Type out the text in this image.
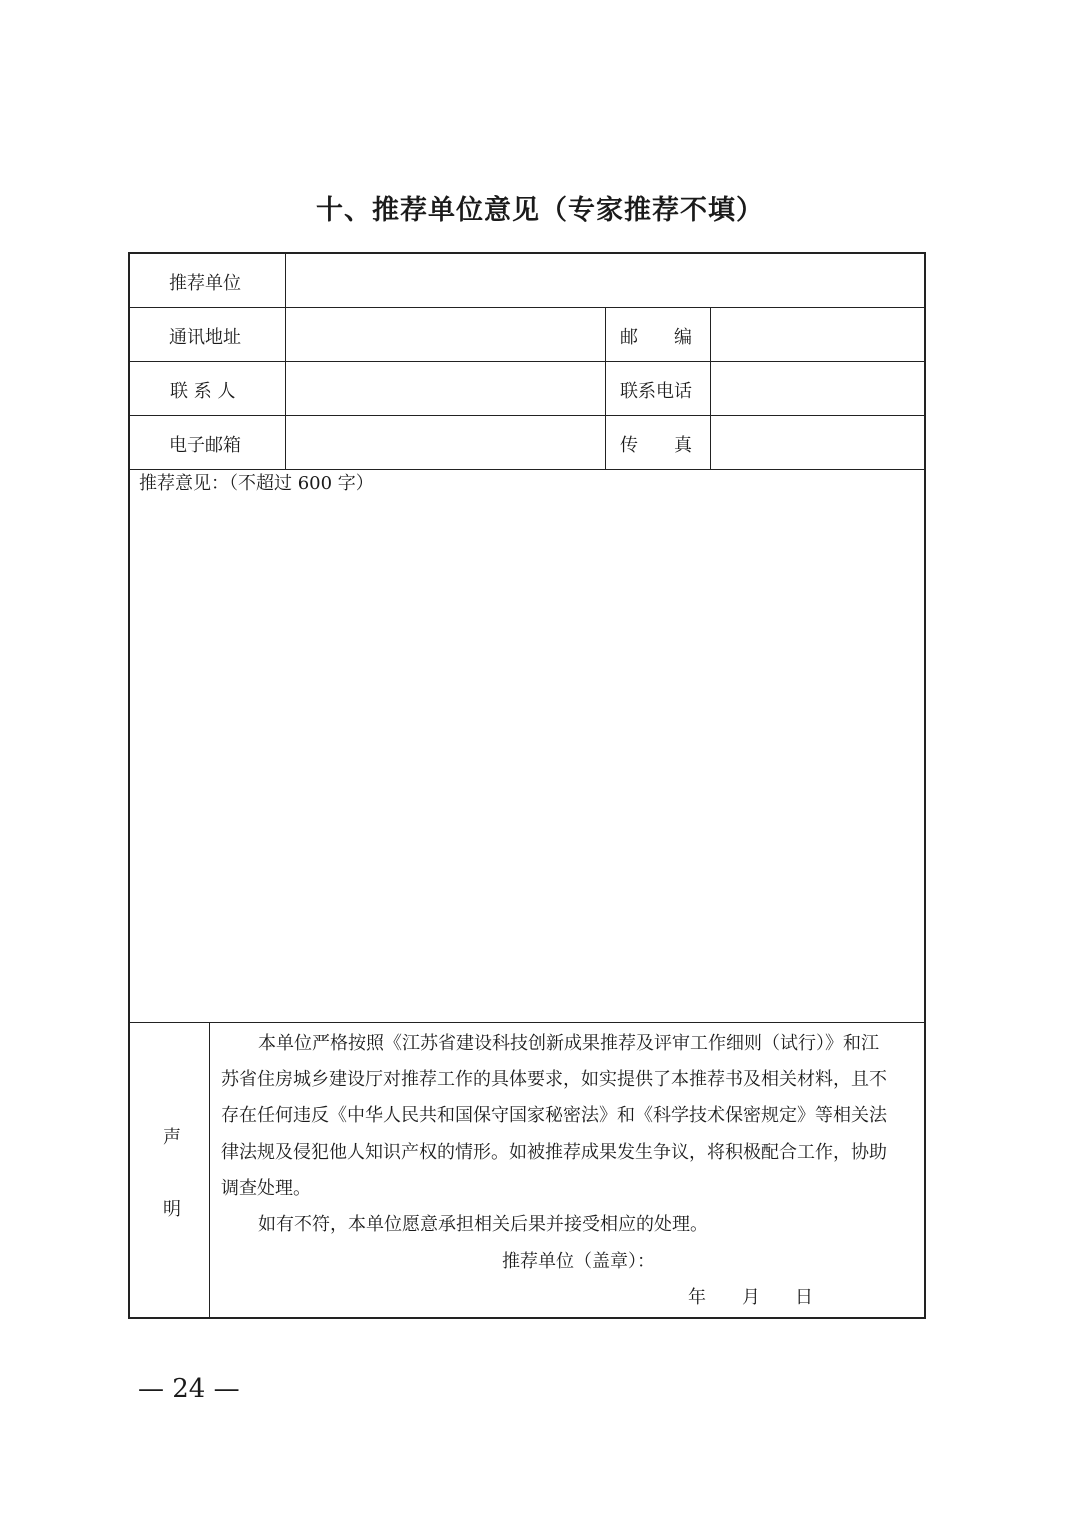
十、推荐单位意见（专家推荐不填）
推荐单位
通讯地址	邮　　编
联 系 人	联系电话
电子邮箱	传　　真
推荐意见：（不超过 600 字）
声
明
本单位严格按照《江苏省建设科技创新成果推荐及评审工作细则（试行）》和江
苏省住房城乡建设厅对推荐工作的具体要求，如实提供了本推荐书及相关材料，且不
存在任何违反《中华人民共和国保守国家秘密法》和《科学技术保密规定》等相关法
律法规及侵犯他人知识产权的情形。如被推荐成果发生争议，将积极配合工作，协助
调查处理。
如有不符，本单位愿意承担相关后果并接受相应的处理。
推荐单位（盖章）：
年 月 日
— 24 —
